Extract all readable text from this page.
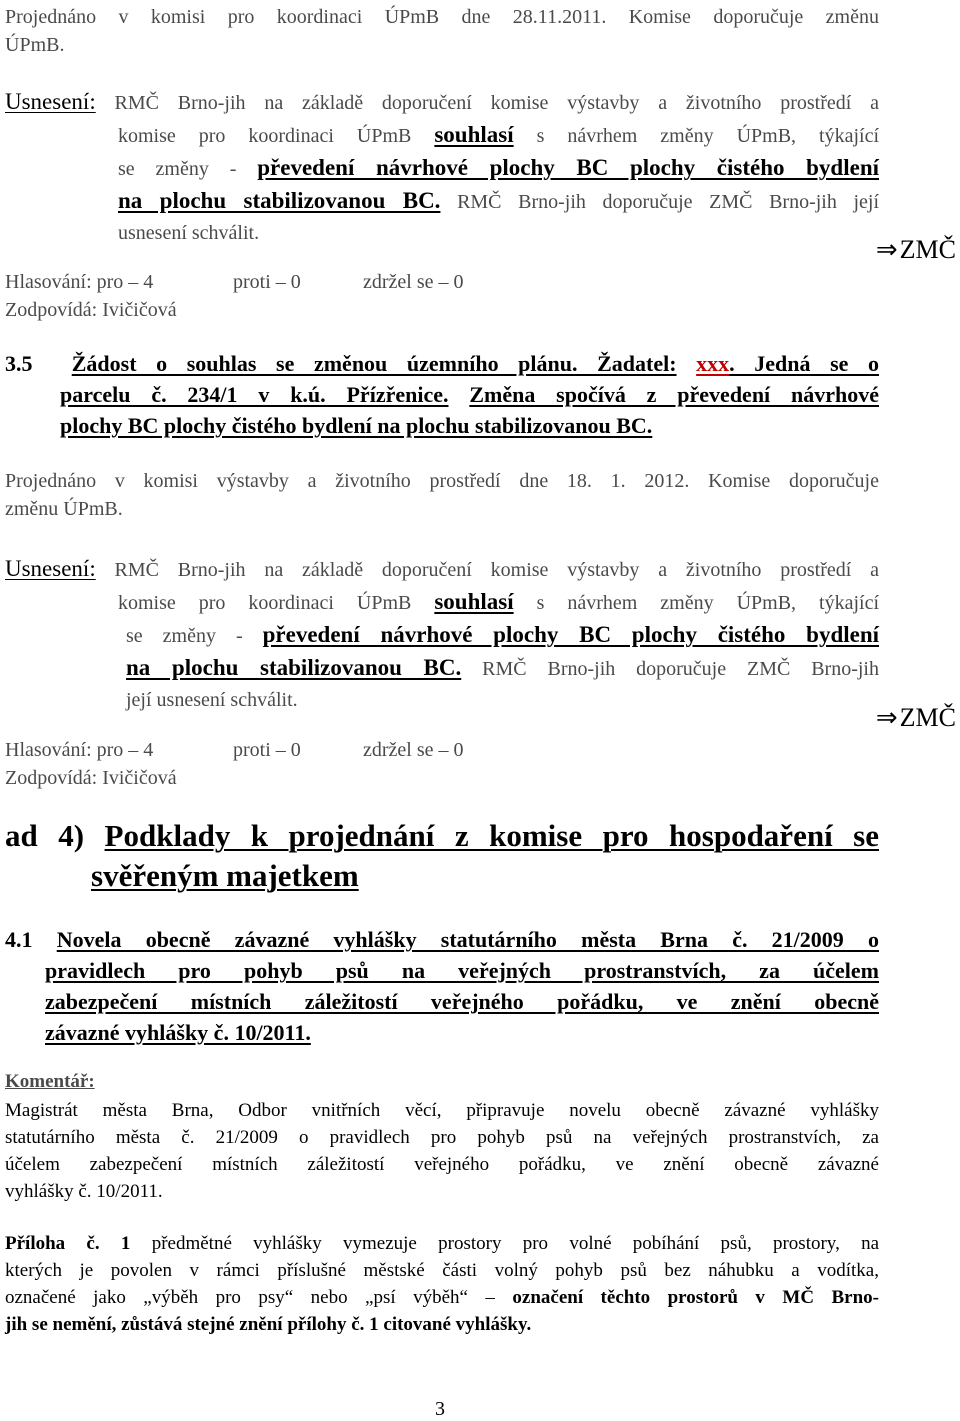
Projednáno v komisi pro koordinaci ÚPmB dne 28.11.2011. Komise doporučuje změnu
ÚPmB.
Usnesení: RMČ Brno-jih na základě doporučení komise výstavby a životního prostředí a
komise pro koordinaci ÚPmB souhlasí s návrhem změny ÚPmB, týkající
se změny - převedení návrhové plochy BC plochy čistého bydlení
na plochu stabilizovanou BC. RMČ Brno-jih doporučuje ZMČ Brno-jih její
usnesení schválit.
⇒ZMČ
Hlasování: pro – 4	proti – 0	zdržel se – 0
Zodpovídá: Ivičičová
3.5 Žádost o souhlas se změnou územního plánu. Žadatel: xxx. Jedná se o
parcelu č. 234/1 v k.ú. Přízřenice. Změna spočívá z převedení návrhové
plochy BC plochy čistého bydlení na plochu stabilizovanou BC.
Projednáno v komisi výstavby a životního prostředí dne 18. 1. 2012. Komise doporučuje
změnu ÚPmB.
Usnesení: RMČ Brno-jih na základě doporučení komise výstavby a životního prostředí a
komise pro koordinaci ÚPmB souhlasí s návrhem změny ÚPmB, týkající
se změny - převedení návrhové plochy BC plochy čistého bydlení
na plochu stabilizovanou BC. RMČ Brno-jih doporučuje ZMČ Brno-jih
její usnesení schválit.
⇒ZMČ
Hlasování: pro – 4	proti – 0	zdržel se – 0
Zodpovídá: Ivičičová
ad 4) Podklady k projednání z komise pro hospodaření se
svěřeným majetkem
4.1 Novela obecně závazné vyhlášky statutárního města Brna č. 21/2009 o
pravidlech pro pohyb psů na veřejných prostranstvích, za účelem
zabezpečení místních záležitostí veřejného pořádku, ve znění obecně
závazné vyhlášky č. 10/2011.
Komentář:
Magistrát města Brna, Odbor vnitřních věcí, připravuje novelu obecně závazné vyhlášky
statutárního města č. 21/2009 o pravidlech pro pohyb psů na veřejných prostranstvích, za
účelem zabezpečení místních záležitostí veřejného pořádku, ve znění obecně závazné
vyhlášky č. 10/2011.
Příloha č. 1 předmětné vyhlášky vymezuje prostory pro volné pobíhání psů, prostory, na
kterých je povolen v rámci příslušné městské části volný pohyb psů bez náhubku a vodítka,
označené jako „výběh pro psy“ nebo „psí výběh“ – označení těchto prostorů v MČ Brno-
jih se nemění, zůstává stejné znění přílohy č. 1 citované vyhlášky.
3
